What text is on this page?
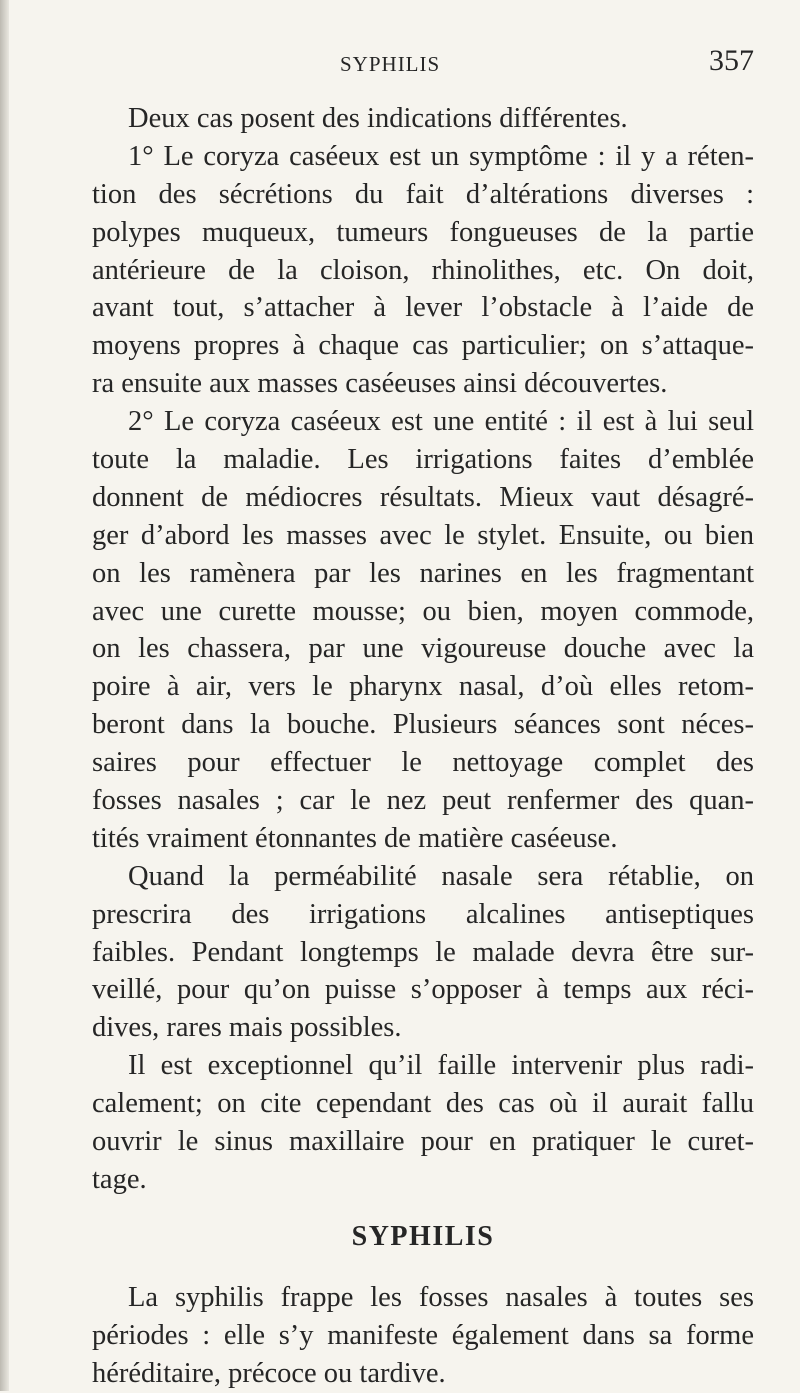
SYPHILIS	357
Deux cas posent des indications différentes.
1° Le coryza caséeux est un symptôme : il y a réten-
tion des sécrétions du fait d’altérations diverses :
polypes muqueux, tumeurs fongueuses de la partie
antérieure de la cloison, rhinolithes, etc. On doit,
avant tout, s’attacher à lever l’obstacle à l’aide de
moyens propres à chaque cas particulier; on s’attaque-
ra ensuite aux masses caséeuses ainsi découvertes.
2° Le coryza caséeux est une entité : il est à lui seul
toute la maladie. Les irrigations faites d’emblée
donnent de médiocres résultats. Mieux vaut désagré-
ger d’abord les masses avec le stylet. Ensuite, ou bien
on les ramènera par les narines en les fragmentant
avec une curette mousse; ou bien, moyen commode,
on les chassera, par une vigoureuse douche avec la
poire à air, vers le pharynx nasal, d’où elles retom-
beront dans la bouche. Plusieurs séances sont néces-
saires pour effectuer le nettoyage complet des
fosses nasales ; car le nez peut renfermer des quan-
tités vraiment étonnantes de matière caséeuse.
Quand la perméabilité nasale sera rétablie, on
prescrira des irrigations alcalines antiseptiques
faibles. Pendant longtemps le malade devra être sur-
veillé, pour qu’on puisse s’opposer à temps aux réci-
dives, rares mais possibles.
Il est exceptionnel qu’il faille intervenir plus radi-
calement; on cite cependant des cas où il aurait fallu
ouvrir le sinus maxillaire pour en pratiquer le curet-
tage.
SYPHILIS
La syphilis frappe les fosses nasales à toutes ses
périodes : elle s’y manifeste également dans sa forme
héréditaire, précoce ou tardive.
